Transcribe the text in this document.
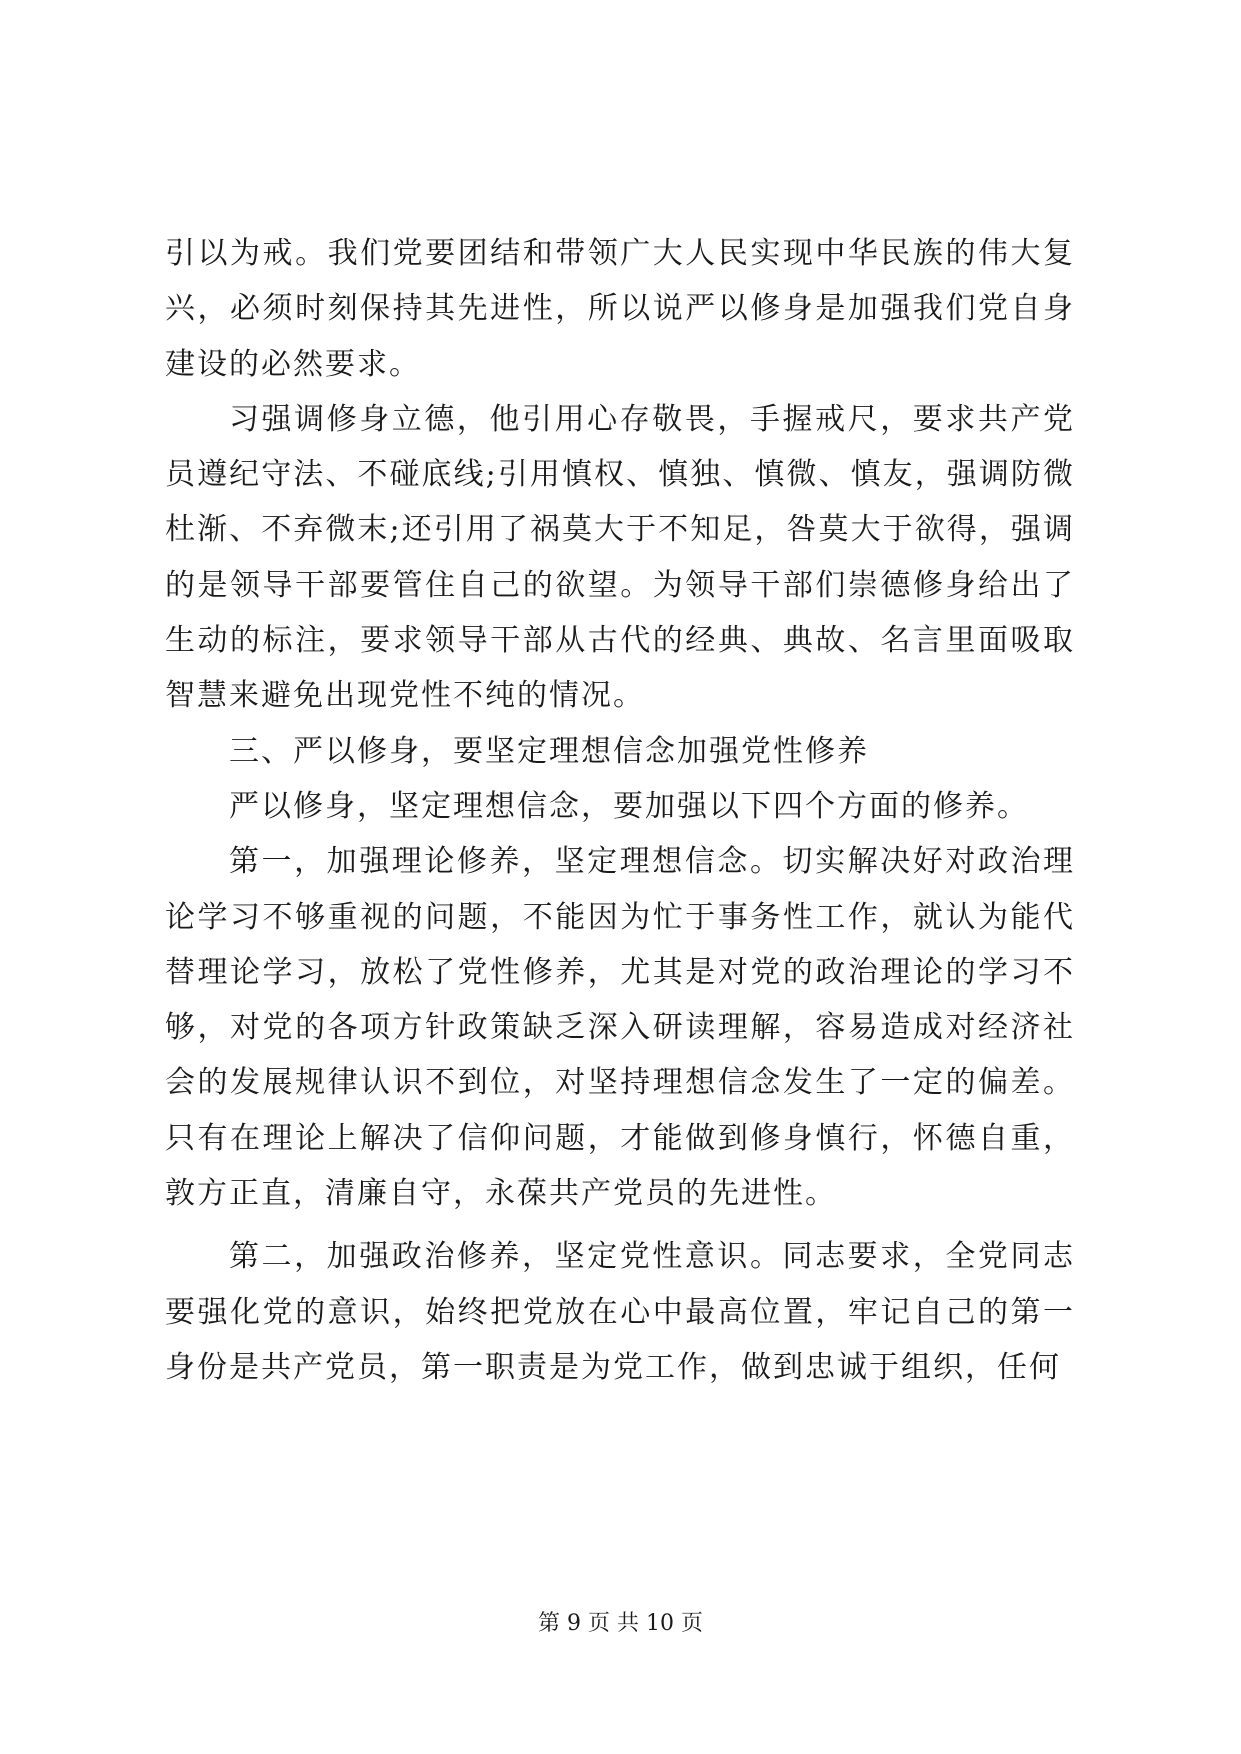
引以为戒。我们党要团结和带领广大人民实现中华民族的伟大复兴，必须时刻保持其先进性，所以说严以修身是加强我们党自身建设的必然要求。

习强调修身立德，他引用心存敬畏，手握戒尺，要求共产党员遵纪守法、不碰底线;引用慎权、慎独、慎微、慎友，强调防微杜渐、不弃微末;还引用了祸莫大于不知足，咎莫大于欲得，强调的是领导干部要管住自己的欲望。为领导干部们崇德修身给出了生动的标注，要求领导干部从古代的经典、典故、名言里面吸取智慧来避免出现党性不纯的情况。

三、严以修身，要坚定理想信念加强党性修养

严以修身，坚定理想信念，要加强以下四个方面的修养。

第一，加强理论修养，坚定理想信念。切实解决好对政治理论学习不够重视的问题，不能因为忙于事务性工作，就认为能代替理论学习，放松了党性修养，尤其是对党的政治理论的学习不够，对党的各项方针政策缺乏深入研读理解，容易造成对经济社会的发展规律认识不到位，对坚持理想信念发生了一定的偏差。只有在理论上解决了信仰问题，才能做到修身慎行，怀德自重，敦方正直，清廉自守，永葆共产党员的先进性。

第二，加强政治修养，坚定党性意识。同志要求，全党同志要强化党的意识，始终把党放在心中最高位置，牢记自己的第一身份是共产党员，第一职责是为党工作，做到忠诚于组织，任何

第 9 页 共 10 页
